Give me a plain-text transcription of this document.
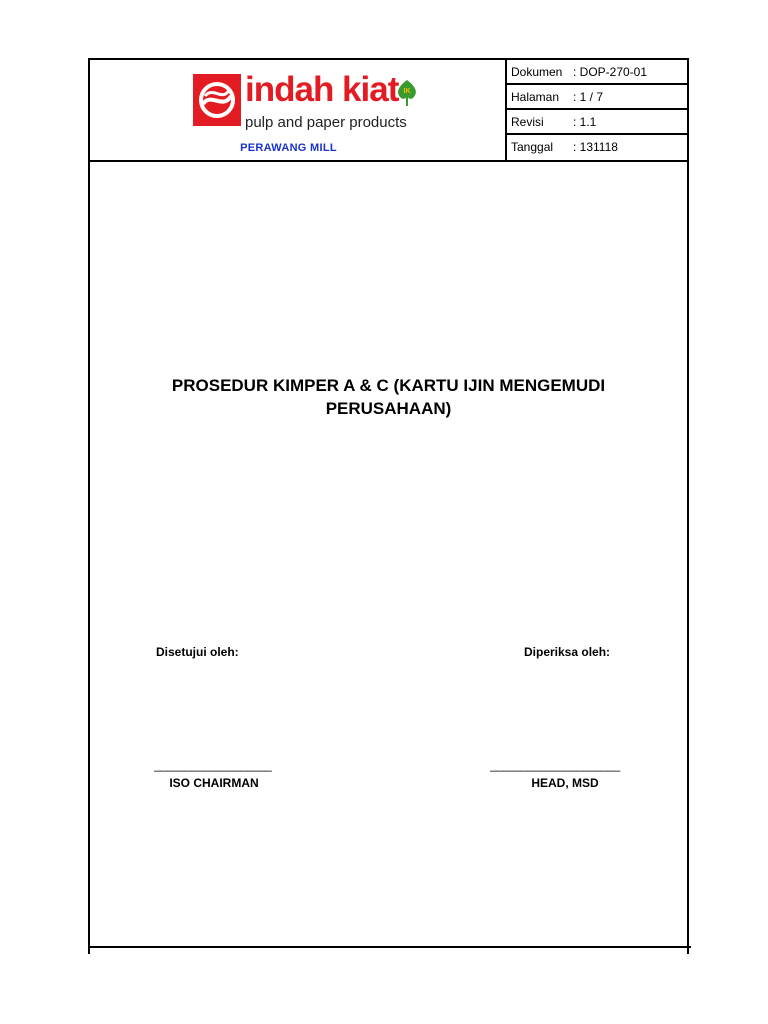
indah kiat IK
pulp and paper products
PERAWANG MILL
Dokumen : DOP-270-01
Halaman : 1 / 7
Revisi : 1.1
Tanggal : 131118
PROSEDUR KIMPER A & C (KARTU IJIN MENGEMUDI
PERUSAHAAN)
Disetujui oleh:	Diperiksa oleh:
___________________	_____________________
ISO CHAIRMAN	HEAD, MSD
